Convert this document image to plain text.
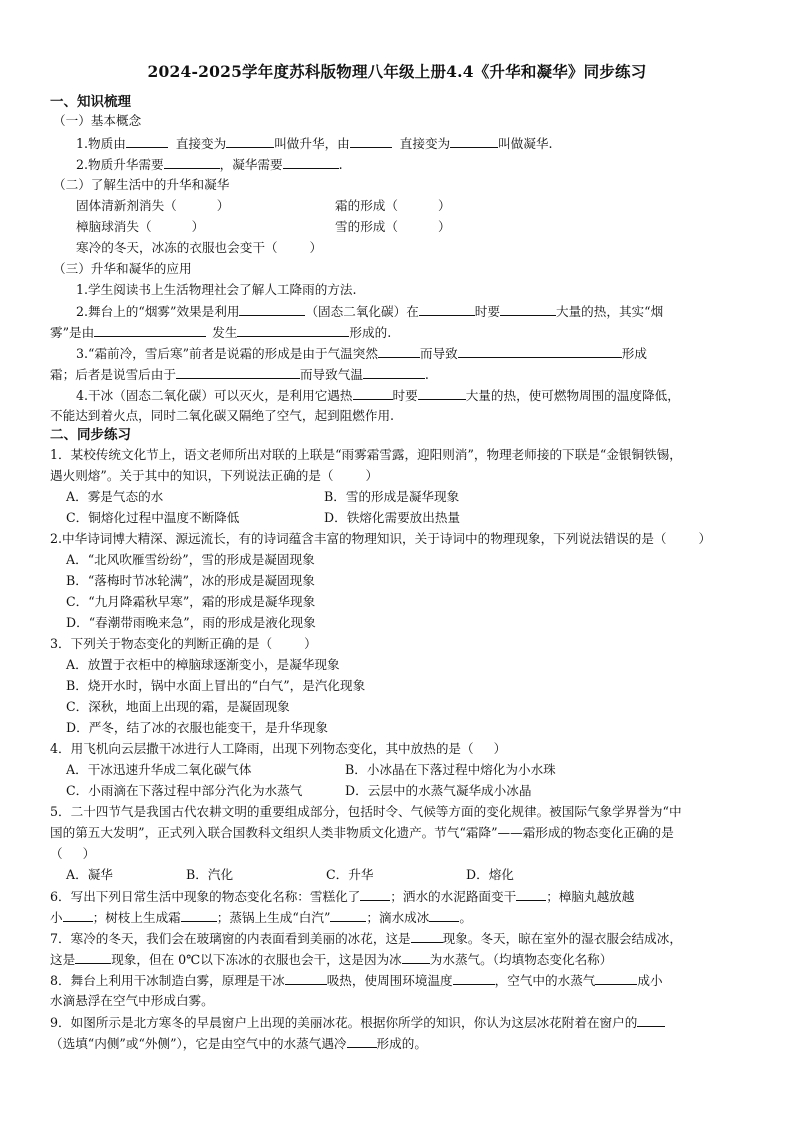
2024-2025学年度苏科版物理八年级上册4.4《升华和凝华》同步练习
一、知识梳理
（一）基本概念
1.物质由	直接变为	叫做升华，由	直接变为	叫做凝华.
2.物质升华需要	，凝华需要	.
（二）了解生活中的升华和凝华
固体清新剂消失（          ）	霜的形成（          ）
樟脑球消失（          ）	雪的形成（          ）
寒冷的冬天，冰冻的衣服也会变干（        ）
（三）升华和凝华的应用
1.学生阅读书上生活物理社会了解人工降雨的方法.
2.舞台上的“烟雾”效果是利用	（固态二氧化碳）在	时要	大量的热，其实“烟
雾”是由	发生	形成的.
3.“霜前冷，雪后寒”前者是说霜的形成是由于气温突然	而导致	形成
霜；后者是说雪后由于	而导致气温	.
4.干冰（固态二氧化碳）可以灭火，是利用它遇热	时要	大量的热，使可燃物周围的温度降低，
不能达到着火点，同时二氧化碳又隔绝了空气，起到阻燃作用.
二、同步练习
1．某校传统文化节上，语文老师所出对联的上联是“雨雾霜雪露，迎阳则消”，物理老师接的下联是“金银铜铁锡，
遇火则熔”。关于其中的知识，下列说法正确的是（        ）
A．雾是气态的水	B．雪的形成是凝华现象
C．铜熔化过程中温度不断降低	D．铁熔化需要放出热量
2.中华诗词博大精深、源远流长，有的诗词蕴含丰富的物理知识，关于诗词中的物理现象，下列说法错误的是（        ）
A．“北风吹雁雪纷纷”，雪的形成是凝固现象
B．“落梅时节冰轮满”，冰的形成是凝固现象
C．“九月降霜秋早寒”，霜的形成是凝华现象
D．“春潮带雨晚来急”，雨的形成是液化现象
3．下列关于物态变化的判断正确的是（        ）
A．放置于衣柜中的樟脑球逐渐变小，是凝华现象
B．烧开水时，锅中水面上冒出的“白气”，是汽化现象
C．深秋，地面上出现的霜，是凝固现象
D．严冬，结了冰的衣服也能变干，是升华现象
4．用飞机向云层撒干冰进行人工降雨，出现下列物态变化，其中放热的是（     ）
A．干冰迅速升华成二氧化碳气体	B．小冰晶在下落过程中熔化为小水珠
C．小雨滴在下落过程中部分汽化为水蒸气	D．云层中的水蒸气凝华成小冰晶
5．二十四节气是我国古代农耕文明的重要组成部分，包括时令、气候等方面的变化规律。被国际气象学界誉为“中
国的第五大发明”，正式列入联合国教科文组织人类非物质文化遗产。节气“霜降”——霜形成的物态变化正确的是
（     ）
A．凝华	B．汽化	C．升华	D．熔化
6．写出下列日常生活中现象的物态变化名称：雪糕化了 ；洒水的水泥路面变干 ；樟脑丸越放越
小 ；树枝上生成霜	；蒸锅上生成“白汽”	；滴水成冰 。
7．寒冷的冬天，我们会在玻璃窗的内表面看到美丽的冰花，这是	现象。冬天，晾在室外的湿衣服会结成冰，
这是	现象，但在 0℃以下冻冰的衣服也会干，这是因为冰 为水蒸气。（均填物态变化名称）
8．舞台上利用干冰制造白雾，原理是干冰	吸热，使周围环境温度	，空气中的水蒸气	成小
水滴悬浮在空气中形成白雾。
9．如图所示是北方寒冬的早晨窗户上出现的美丽冰花。根据你所学的知识，你认为这层冰花附着在窗户的
（选填“内侧”或“外侧”），它是由空气中的水蒸气遇冷 形成的。
